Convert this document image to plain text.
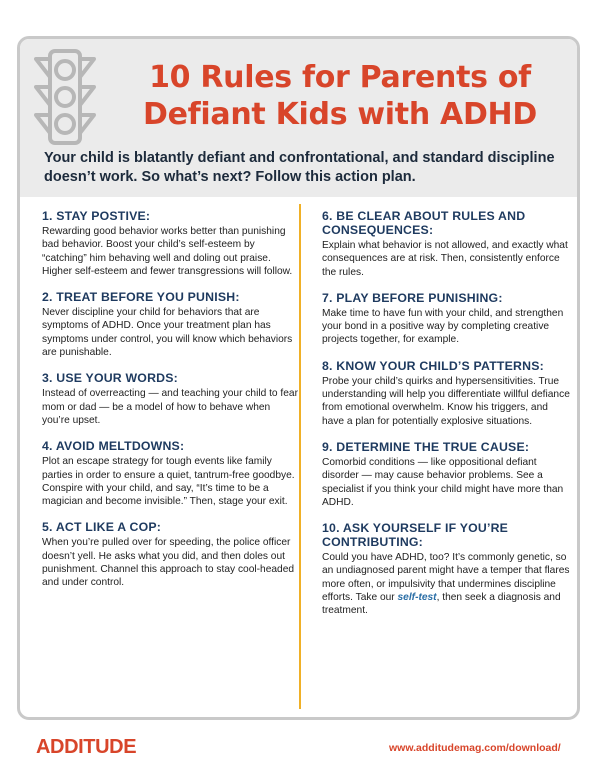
10 Rules for Parents of
Defiant Kids with ADHD

Your child is blatantly defiant and confrontational, and standard discipline doesn’t work. So what’s next? Follow this action plan.

1. STAY POSTIVE:

Rewarding good behavior works better than punishing bad behavior. Boost your child’s self-esteem by “catching” him behaving well and doling out praise. Higher self-esteem and fewer transgressions will follow.

2. TREAT BEFORE YOU PUNISH:

Never discipline your child for behaviors that are symptoms of ADHD. Once your treatment plan has symptoms under control, you will know which behaviors are punishable.

3. USE YOUR WORDS:

Instead of overreacting — and teaching your child to fear mom or dad — be a model of how to behave when you’re upset.

4. AVOID MELTDOWNS:

Plot an escape strategy for tough events like family parties in order to ensure a quiet, tantrum-free goodbye. Conspire with your child, and say, “It’s time to be a magician and become invisible.” Then, stage your exit.

5. ACT LIKE A COP:

When you’re pulled over for speeding, the police officer doesn’t yell. He asks what you did, and then doles out punishment. Channel this approach to stay cool-headed and under control.

6. BE CLEAR ABOUT RULES AND CONSEQUENCES:

Explain what behavior is not allowed, and exactly what consequences are at risk. Then, consistently enforce the rules.

7. PLAY BEFORE PUNISHING:

Make time to have fun with your child, and strengthen your bond in a positive way by completing creative projects together, for example.

8. KNOW YOUR CHILD’S PATTERNS:

Probe your child’s quirks and hypersensitivities. True understanding will help you differentiate willful defiance from emotional overwhelm. Know his triggers, and have a plan for potentially explosive situations.

9. DETERMINE THE TRUE CAUSE:

Comorbid conditions — like oppositional defiant disorder — may cause behavior problems. See a specialist if you think your child might have more than ADHD.

10. ASK YOURSELF IF YOU’RE CONTRIBUTING:

Could you have ADHD, too? It’s commonly genetic, so an undiagnosed parent might have a temper that flares more often, or impulsivity that undermines discipline efforts. Take our self-test, then seek a diagnosis and treatment.

ADDITUDE	www.additudemag.com/download/
